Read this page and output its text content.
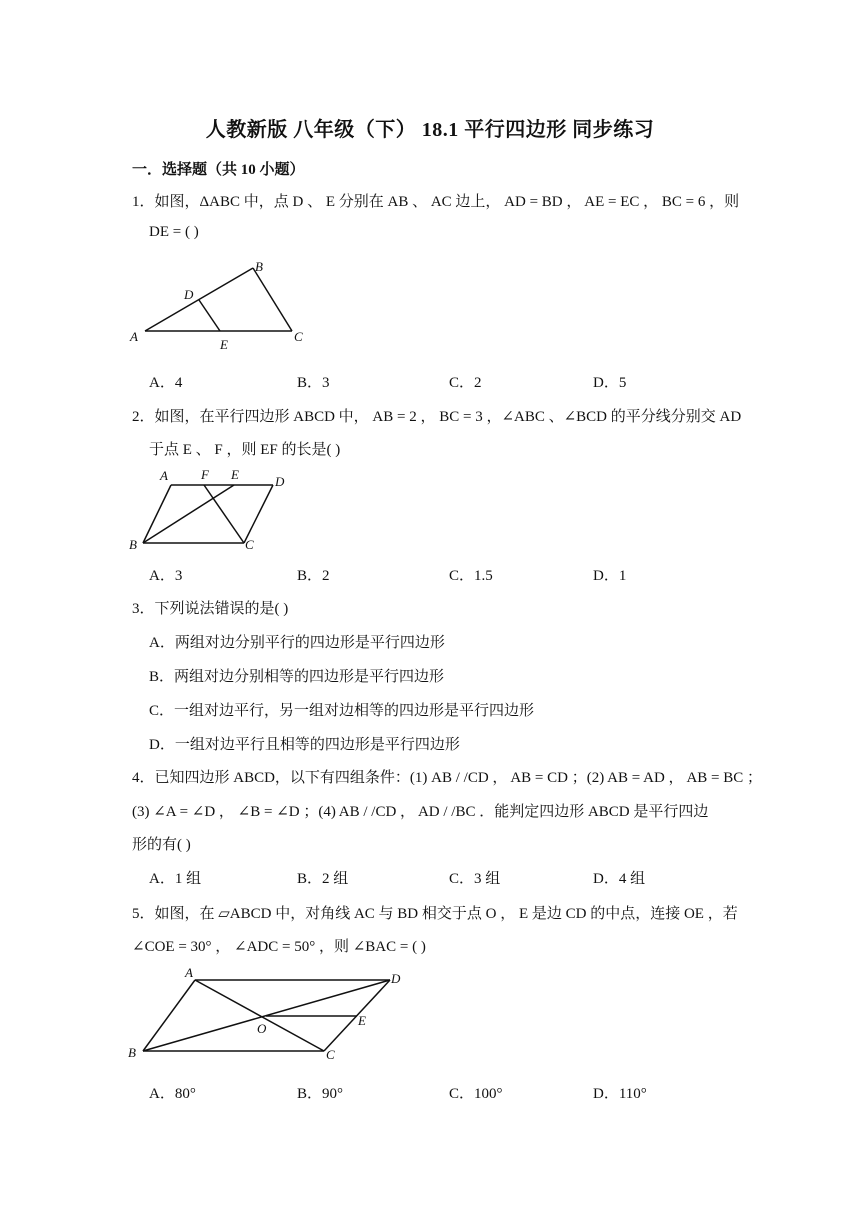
人教新版 八年级（下） 18.1 平行四边形 同步练习
一．选择题（共 10 小题）
1．如图，ΔABC 中，点 D 、 E 分别在 AB 、 AC 边上， AD = BD ， AE = EC ， BC = 6 ，则
DE = ( )
A
B
C
D
E
A．4	B．3	C．2	D．5
2．如图，在平行四边形 ABCD 中， AB = 2 ， BC = 3 ，∠ABC 、∠BCD 的平分线分别交 AD
于点 E 、 F ，则 EF 的长是( )
A
B	C
D
E
F
A．3	B．2	C．1.5	D．1
3．下列说法错误的是( )
A．两组对边分别平行的四边形是平行四边形
B．两组对边分别相等的四边形是平行四边形
C．一组对边平行，另一组对边相等的四边形是平行四边形
D．一组对边平行且相等的四边形是平行四边形
4．已知四边形 ABCD，以下有四组条件：(1) AB / /CD ， AB = CD ；(2) AB = AD ， AB = BC ；
(3) ∠A = ∠D ， ∠B = ∠D ；(4) AB / /CD ， AD / /BC ．能判定四边形 ABCD 是平行四边
形的有( )
A．1 组	B．2 组	C．3 组	D．4 组
5．如图，在 ▱ABCD 中，对角线 AC 与 BD 相交于点 O ， E 是边 CD 的中点，连接 OE ，若
∠COE = 30° ， ∠ADC = 50° ，则 ∠BAC = ( )
A
B	C
D
E
O
A．80°	B．90°	C．100°	D．110°
